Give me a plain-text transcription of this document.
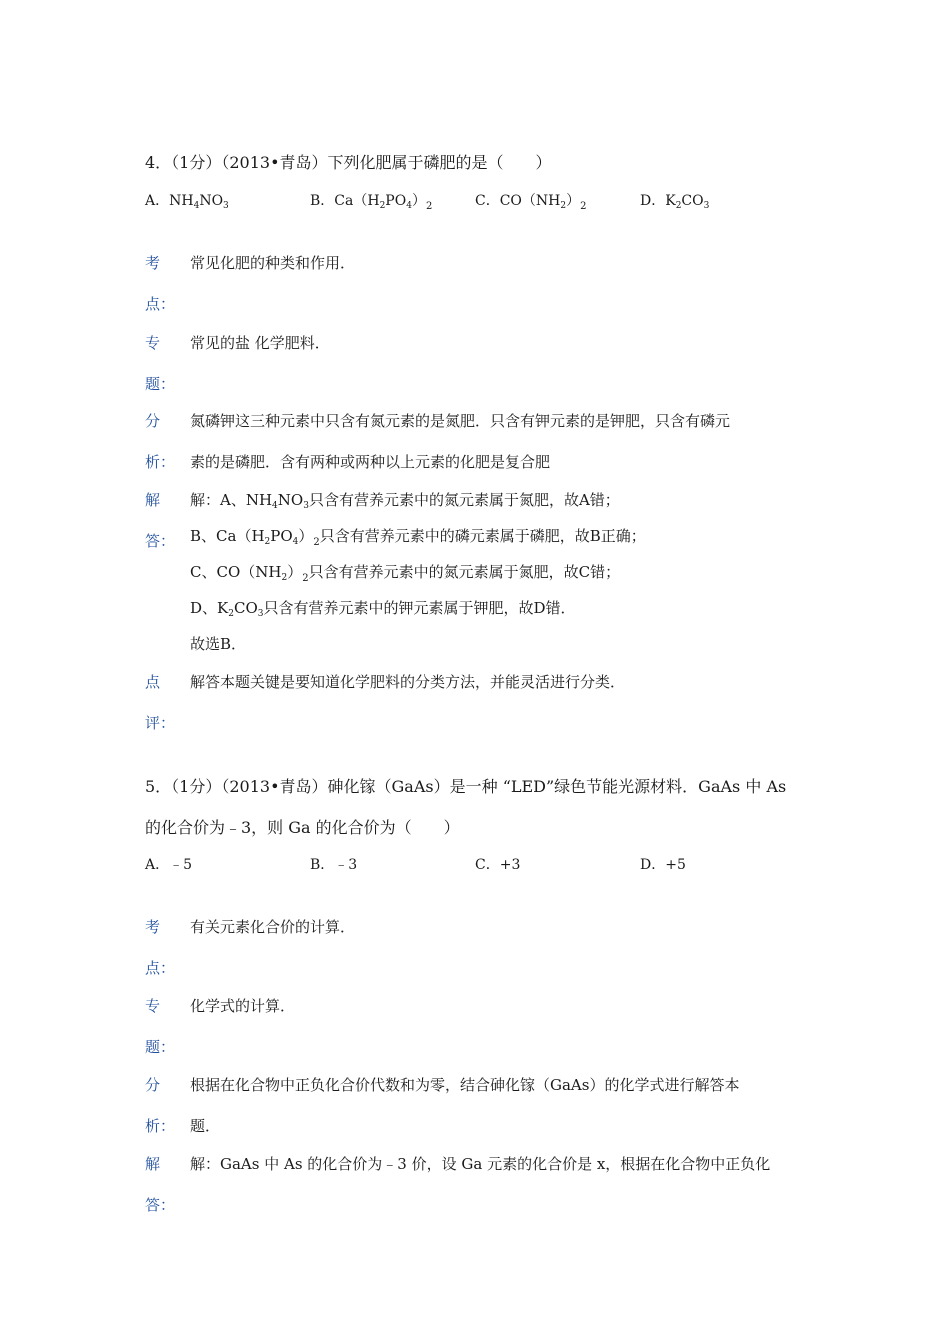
4．（1分）（2013•青岛）下列化肥属于磷肥的是（　　）
A．$NH_4NO_3$	B．$Ca(H_2PO_4)_2$	C．$CO(NH_2)_2$	D．$K_2CO_3$
考
点：
常见化肥的种类和作用．
专
题：
常见的盐 化学肥料．
分
析：
氮磷钾这三种元素中只含有氮元素的是氮肥．只含有钾元素的是钾肥，只含有磷元
素的是磷肥．含有两种或两种以上元素的化肥是复合肥
解
答：
解：A、$NH_4NO_3$只含有营养元素中的氮元素属于氮肥，故A错；
B、$Ca(H_2PO_4)_2$只含有营养元素中的磷元素属于磷肥，故B正确；
C、$CO(NH_2)_2$只含有营养元素中的氮元素属于氮肥，故C错；
D、$K_2CO_3$只含有营养元素中的钾元素属于钾肥，故D错．
故选B．
点
评：
解答本题关键是要知道化学肥料的分类方法，并能灵活进行分类．
5．（1分）（2013•青岛）砷化镓（GaAs）是一种 “LED”绿色节能光源材料．GaAs 中 As
的化合价为﹣3，则 Ga 的化合价为（　　）
A．﹣5	B．﹣3	C．+3	D．+5
考
点：
有关元素化合价的计算．
专
题：
化学式的计算．
分
析：
根据在化合物中正负化合价代数和为零，结合砷化镓（GaAs）的化学式进行解答本
题．
解
答：
解：GaAs 中 As 的化合价为﹣3 价，设 Ga 元素的化合价是 x，根据在化合物中正负化
